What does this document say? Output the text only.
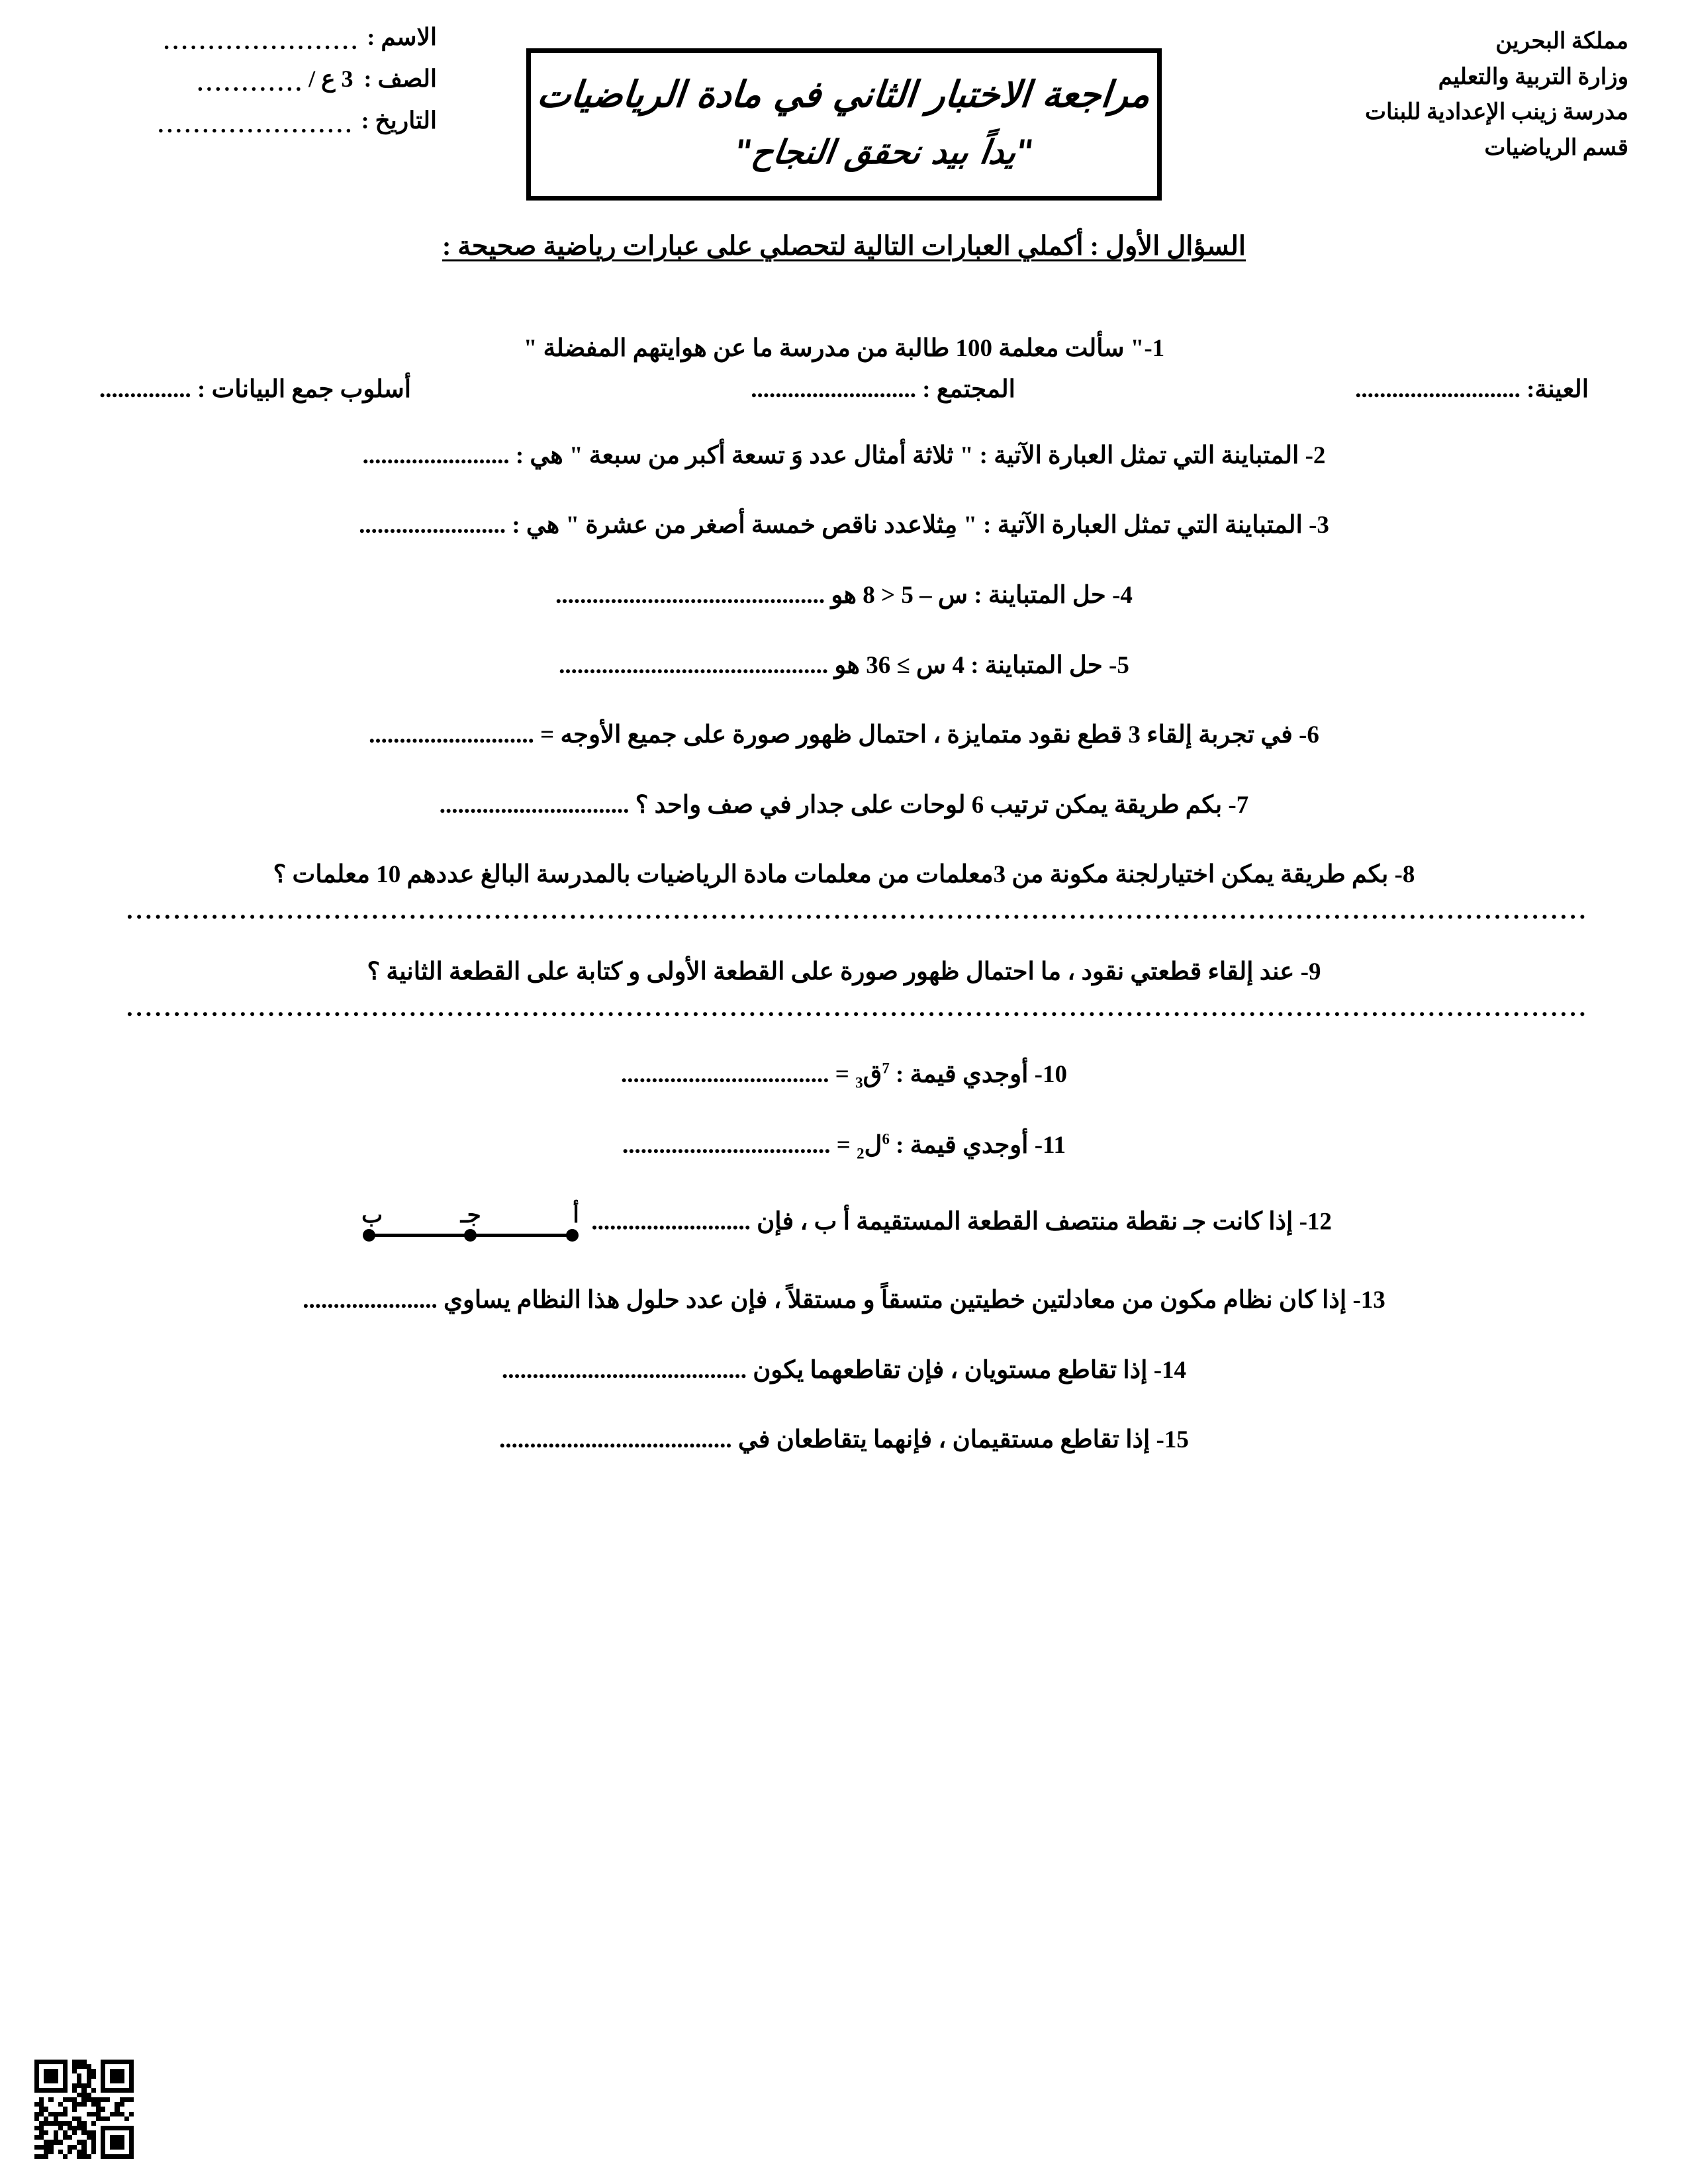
مملكة البحرين
وزارة التربية والتعليم
مدرسة زينب الإعدادية للبنات
قسم الرياضيات
مراجعة الاختبار الثاني في مادة الرياضيات
"يداً بيد نحقق النجاح"
الاسم :
......................
الصف :
3 ع /
............
التاريخ :
......................
السؤال الأول : أكملي العبارات التالية لتحصلي على عبارات رياضية صحيحة :
1-" سألت معلمة 100 طالبة من مدرسة ما عن هوايتهم المفضلة "
العينة: ...........................
المجتمع : ...........................
أسلوب جمع البيانات : ...............
2- المتباينة التي تمثل العبارة الآتية : " ثلاثة أمثال عدد وَ تسعة أكبر من سبعة " هي : ........................
3- المتباينة التي تمثل العبارة الآتية : " مِثلاعدد ناقص خمسة أصغر من عشرة " هي : ........................
4- حل المتباينة : س – 5 < 8 هو ............................................
5- حل المتباينة : 4 س ≥ 36 هو ............................................
6- في تجربة إلقاء 3 قطع نقود متمايزة ، احتمال ظهور صورة على جميع الأوجه = ...........................
7- بكم طريقة يمكن ترتيب 6 لوحات على جدار في صف واحد ؟ ...............................
8- بكم طريقة يمكن اختيارلجنة مكونة من 3معلمات من معلمات مادة الرياضيات بالمدرسة البالغ عددهم 10 معلمات ؟
...........................................................................................................................................................
9- عند إلقاء قطعتي نقود ، ما احتمال ظهور صورة على القطعة الأولى و كتابة على القطعة الثانية ؟
...........................................................................................................................................................
10- أوجدي قيمة : $^7$ق$_3$ = ..................................
11- أوجدي قيمة : $^6$ل$_2$ = ..................................
12- إذا كانت جـ نقطة منتصف القطعة المستقيمة أ ب ، فإن ..........................
أ
جـ
ب
13- إذا كان نظام مكون من معادلتين خطيتين متسقاً و مستقلاً ، فإن عدد حلول هذا النظام يساوي ......................
14- إذا تقاطع مستويان ، فإن تقاطعهما يكون ........................................
15- إذا تقاطع مستقيمان ، فإنهما يتقاطعان في ......................................
